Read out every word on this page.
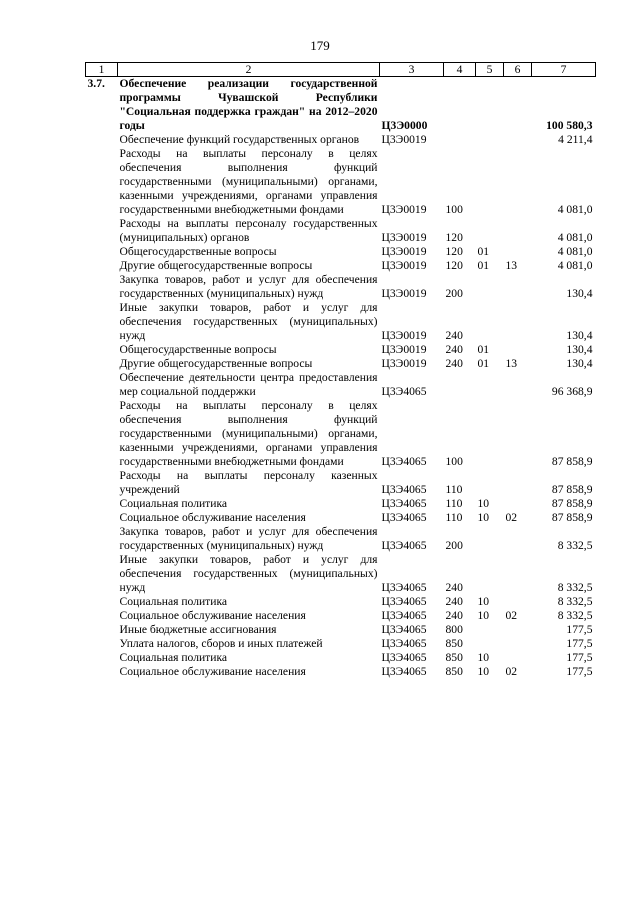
179
1	2	3	4	5	6	7
3.7.	Обеспечение реализации государственной программы Чувашской Республики "Социальная поддержка граждан" на 2012–2020 годы	Ц3Э0000				100 580,3
	Обеспечение функций государственных органов	Ц3Э0019				4 211,4
	Расходы на выплаты персоналу в целях обеспечения выполнения функций государственными (муниципальными) органами, казенными учреждениями, органами управления государственными внебюджетными фондами	Ц3Э0019	100			4 081,0
	Расходы на выплаты персоналу государственных (муниципальных) органов	Ц3Э0019	120			4 081,0
	Общегосударственные вопросы	Ц3Э0019	120	01		4 081,0
	Другие общегосударственные вопросы	Ц3Э0019	120	01	13	4 081,0
	Закупка товаров, работ и услуг для обеспечения государственных (муниципальных) нужд	Ц3Э0019	200			130,4
	Иные закупки товаров, работ и услуг для обеспечения государственных (муниципальных) нужд	Ц3Э0019	240			130,4
	Общегосударственные вопросы	Ц3Э0019	240	01		130,4
	Другие общегосударственные вопросы	Ц3Э0019	240	01	13	130,4
	Обеспечение деятельности центра предоставления мер социальной поддержки	Ц3Э4065				96 368,9
	Расходы на выплаты персоналу в целях обеспечения выполнения функций государственными (муниципальными) органами, казенными учреждениями, органами управления государственными внебюджетными фондами	Ц3Э4065	100			87 858,9
	Расходы на выплаты персоналу казенных учреждений	Ц3Э4065	110			87 858,9
	Социальная политика	Ц3Э4065	110	10		87 858,9
	Социальное обслуживание населения	Ц3Э4065	110	10	02	87 858,9
	Закупка товаров, работ и услуг для обеспечения государственных (муниципальных) нужд	Ц3Э4065	200			8 332,5
	Иные закупки товаров, работ и услуг для обеспечения государственных (муниципальных) нужд	Ц3Э4065	240			8 332,5
	Социальная политика	Ц3Э4065	240	10		8 332,5
	Социальное обслуживание населения	Ц3Э4065	240	10	02	8 332,5
	Иные бюджетные ассигнования	Ц3Э4065	800			177,5
	Уплата налогов, сборов и иных платежей	Ц3Э4065	850			177,5
	Социальная политика	Ц3Э4065	850	10		177,5
	Социальное обслуживание населения	Ц3Э4065	850	10	02	177,5
